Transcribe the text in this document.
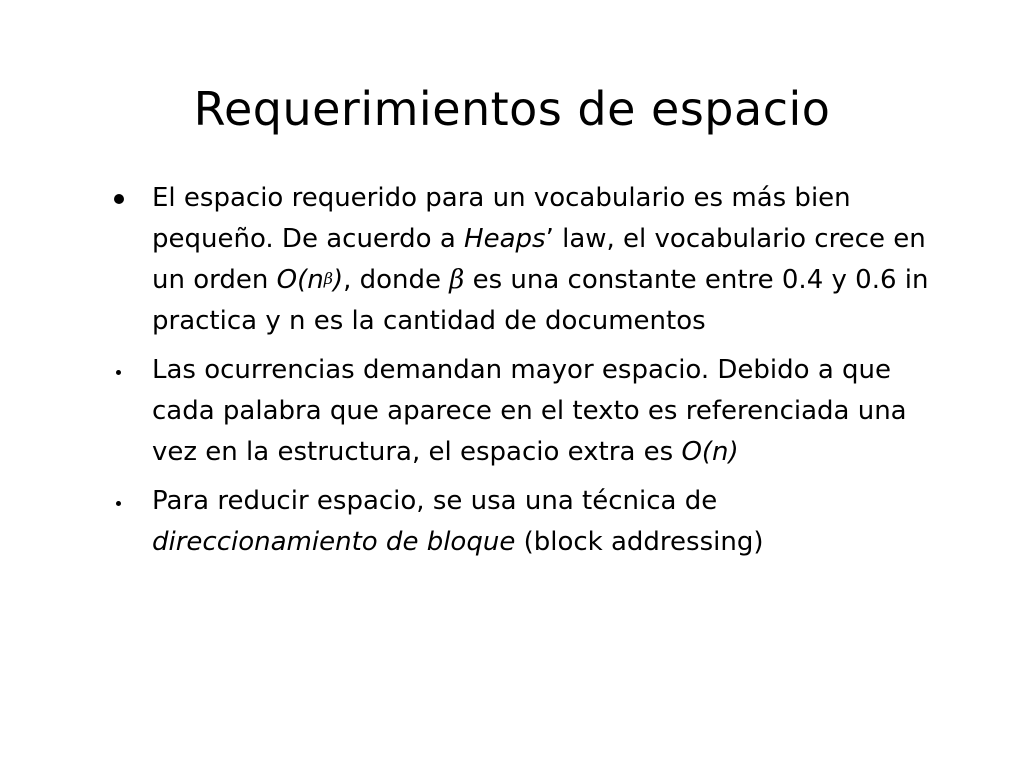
Requerimientos de espacio
El espacio requerido para un vocabulario es más bien pequeño. De acuerdo a Heaps’ law, el vocabulario crece en un orden $O(n^\beta)$, donde β es una constante entre 0.4 y 0.6 in practica y n es la cantidad de documentos
Las ocurrencias demandan mayor espacio. Debido a que cada palabra que aparece en el texto es referenciada una vez en la estructura, el espacio extra es O(n)
Para reducir espacio, se usa una técnica de direccionamiento de bloque (block addressing)
